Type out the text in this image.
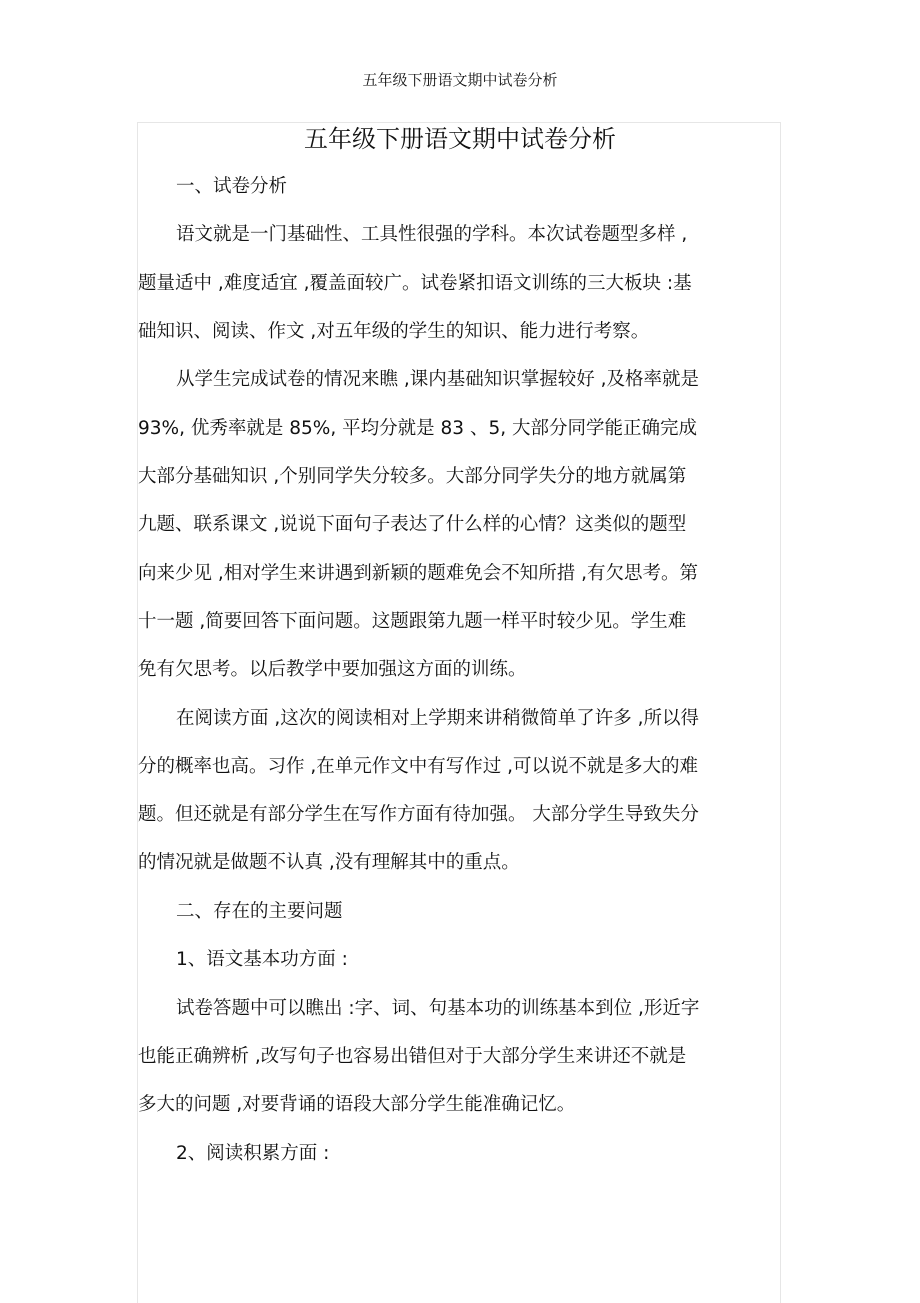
五年级下册语文期中试卷分析
五年级下册语文期中试卷分析
一、试卷分析
语文就是一门基础性、工具性很强的学科。本次试卷题型多样 ,
题量适中 ,难度适宜 ,覆盖面较广。试卷紧扣语文训练的三大板块 :基
础知识、阅读、作文 ,对五年级的学生的知识、能力进行考察。
从学生完成试卷的情况来瞧 ,课内基础知识掌握较好 ,及格率就是
93%, 优秀率就是 85%, 平均分就是 83 、5, 大部分同学能正确完成
大部分基础知识 ,个别同学失分较多。大部分同学失分的地方就属第
九题、联系课文 ,说说下面句子表达了什么样的心情？这类似的题型
向来少见 ,相对学生来讲遇到新颖的题难免会不知所措 ,有欠思考。第
十一题 ,简要回答下面问题。这题跟第九题一样平时较少见。学生难
免有欠思考。以后教学中要加强这方面的训练。
在阅读方面 ,这次的阅读相对上学期来讲稍微简单了许多 ,所以得
分的概率也高。习作 ,在单元作文中有写作过 ,可以说不就是多大的难
题。但还就是有部分学生在写作方面有待加强。 大部分学生导致失分
的情况就是做题不认真 ,没有理解其中的重点。
二、存在的主要问题
1、语文基本功方面 :
试卷答题中可以瞧出 :字、词、句基本功的训练基本到位 ,形近字
也能正确辨析 ,改写句子也容易出错但对于大部分学生来讲还不就是
多大的问题 ,对要背诵的语段大部分学生能准确记忆。
2、阅读积累方面 :
